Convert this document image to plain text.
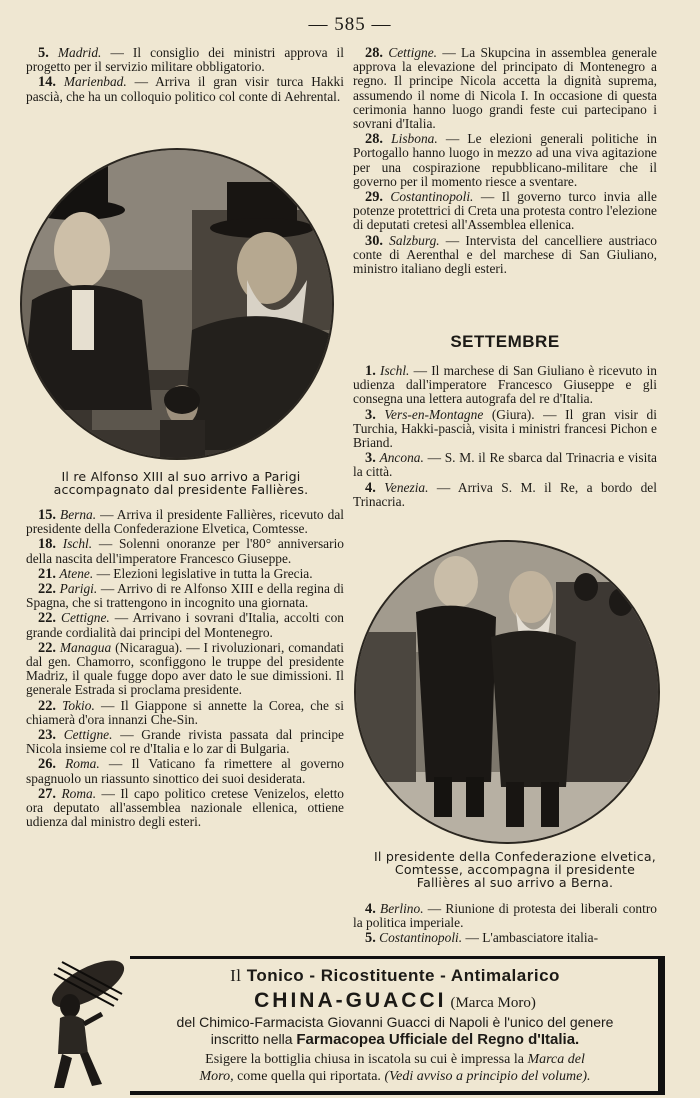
— 585 —

5. Madrid. — Il consiglio dei ministri approva il progetto per il servizio militare obbligatorio.

14. Marienbad. — Arriva il gran visir turca Hakki pascià, che ha un colloquio politico col conte di Aehrental.

Il re Alfonso XIII al suo arrivo a Parigi accompagnato dal presidente Fallières.

15. Berna. — Arriva il presidente Fallières, ricevuto dal presidente della Confederazione Elvetica, Comtesse.

18. Ischl. — Solenni onoranze per l'80° anniversario della nascita dell'imperatore Francesco Giuseppe.

21. Atene. — Elezioni legislative in tutta la Grecia.

22. Parigi. — Arrivo di re Alfonso XIII e della regina di Spagna, che si trattengono in incognito una giornata.

22. Cettigne. — Arrivano i sovrani d'Italia, accolti con grande cordialità dai principi del Montenegro.

22. Managua (Nicaragua). — I rivoluzionari, comandati dal gen. Chamorro, sconfiggono le truppe del presidente Madriz, il quale fugge dopo aver dato le sue dimissioni. Il generale Estrada si proclama presidente.

22. Tokio. — Il Giappone si annette la Corea, che si chiamerà d'ora innanzi Che-Sin.

23. Cettigne. — Grande rivista passata dal principe Nicola insieme col re d'Italia e lo zar di Bulgaria.

26. Roma. — Il Vaticano fa rimettere al governo spagnuolo un riassunto sinottico dei suoi desiderata.

27. Roma. — Il capo politico cretese Venizelos, eletto ora deputato all'assemblea nazionale ellenica, ottiene udienza dal ministro degli esteri.

28. Cettigne. — La Skupcina in assemblea generale approva la elevazione del principato di Montenegro a regno. Il principe Nicola accetta la dignità suprema, assumendo il nome di Nicola I. In occasione di questa cerimonia hanno luogo grandi feste cui partecipano i sovrani d'Italia.

28. Lisbona. — Le elezioni generali politiche in Portogallo hanno luogo in mezzo ad una viva agitazione per una cospirazione repubblicano-militare che il governo per il momento riesce a sventare.

29. Costantinopoli. — Il governo turco invia alle potenze protettrici di Creta una protesta contro l'elezione di deputati cretesi all'Assemblea ellenica.

30. Salzburg. — Intervista del cancelliere austriaco conte di Aerenthal e del marchese di San Giuliano, ministro italiano degli esteri.

SETTEMBRE

1. Ischl. — Il marchese di San Giuliano è ricevuto in udienza dall'imperatore Francesco Giuseppe e gli consegna una lettera autografa del re d'Italia.

3. Vers-en-Montagne (Giura). — Il gran visir di Turchia, Hakki-pascià, visita i ministri francesi Pichon e Briand.

3. Ancona. — S. M. il Re sbarca dal Trinacria e visita la città.

4. Venezia. — Arriva S. M. il Re, a bordo del Trinacria.

Il presidente della Confederazione elvetica, Comtesse, accompagna il presidente Fallières al suo arrivo a Berna.

4. Berlino. — Riunione di protesta dei liberali contro la politica imperiale.

5. Costantinopoli. — L'ambasciatore italia-

Il Tonico - Ricostituente - Antimalarico
CHINA-GUACCI (Marca Moro)
del Chimico-Farmacista Giovanni Guacci di Napoli è l'unico del genere
inscritto nella Farmacopea Ufficiale del Regno d'Italia.
Esigere la bottiglia chiusa in iscatola su cui è impressa la Marca del
Moro, come quella qui riportata. (Vedi avviso a principio del volume).
